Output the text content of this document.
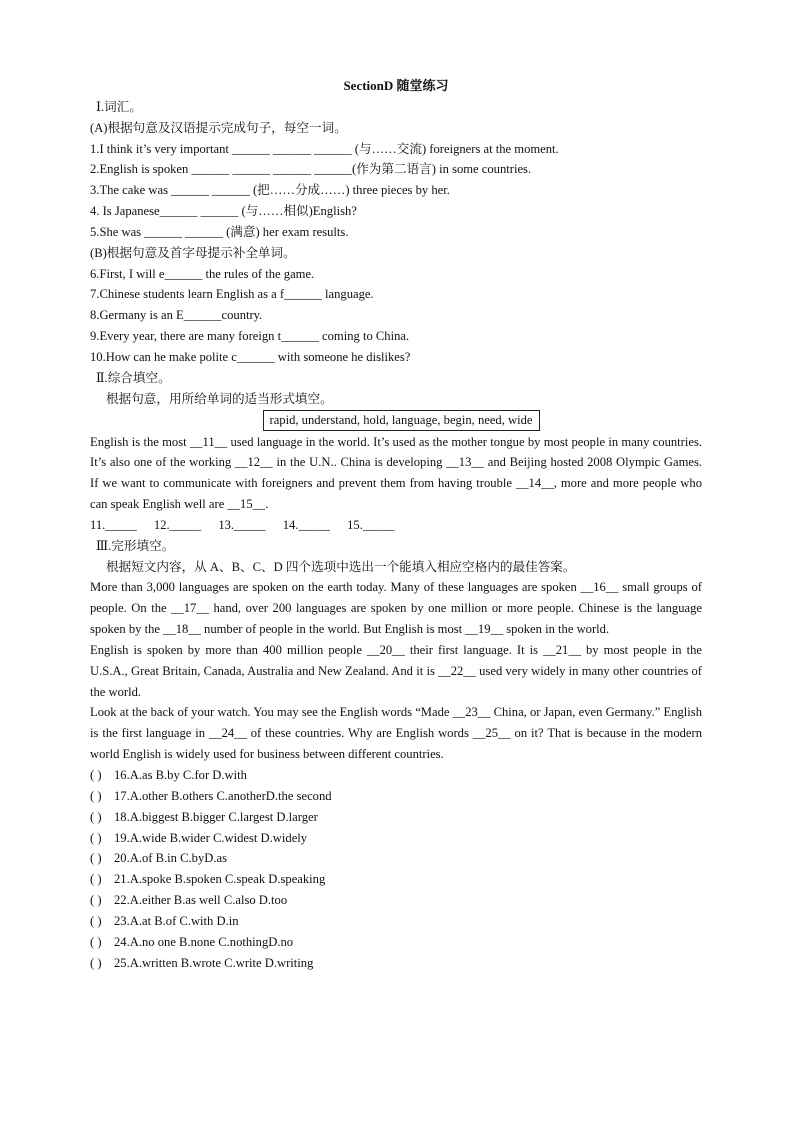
SectionD 随堂练习
Ⅰ.词汇。
(A)根据句意及汉语提示完成句子，每空一词。
1.I think it’s very important ______ ______ ______ (与……交流) foreigners at the moment.
2.English is spoken ______ ______ ______ ______(作为第二语言) in some countries.
3.The cake was ______ ______ (把……分成……) three pieces by her.
4. Is Japanese______ ______ (与……相似)English?
5.She was ______ ______ (满意) her exam results.
(B)根据句意及首字母提示补全单词。
6.First, I will e______ the rules of the game.
7.Chinese students learn English as a f______ language.
8.Germany is an E______country.
9.Every year, there are many foreign t______ coming to China.
10.How can he make polite c______ with someone he dislikes?
Ⅱ.综合填空。
根据句意，用所给单词的适当形式填空。
rapid, understand, hold, language, begin, need, wide
English is the most __11__ used language in the world. It’s used as the mother tongue by most people in many countries. It’s also one of the working __12__ in the U.N.. China is developing __13__ and Beijing hosted 2008 Olympic Games. If we want to communicate with foreigners and prevent them from having trouble __14__, more and more people who can speak English well are __15__.
11._____ 12._____ 13._____ 14._____ 15._____
Ⅲ.完形填空。
根据短文内容，从 A、B、C、D 四个选项中选出一个能填入相应空格内的最佳答案。
More than 3,000 languages are spoken on the earth today. Many of these languages are spoken __16__ small groups of people. On the __17__ hand, over 200 languages are spoken by one million or more people. Chinese is the language spoken by the __18__ number of people in the world. But English is most __19__ spoken in the world.
English is spoken by more than 400 million people __20__ their first language. It is __21__ by most people in the U.S.A., Great Britain, Canada, Australia and New Zealand. And it is __22__ used very widely in many other countries of the world.
Look at the back of your watch. You may see the English words “Made __23__ China, or Japan, even Germany.” English is the first language in __24__ of these countries. Why are English words __25__ on it? That is because in the modern world English is widely used for business between different countries.
( ) 16.A.as B.by C.for D.with
( ) 17.A.other B.others C.anotherD.the second
( ) 18.A.biggest B.bigger C.largest D.larger
( ) 19.A.wide B.wider C.widest D.widely
( ) 20.A.of B.in C.byD.as
( ) 21.A.spoke B.spoken C.speak D.speaking
( ) 22.A.either B.as well C.also D.too
( ) 23.A.at B.of C.with D.in
( ) 24.A.no one B.none C.nothingD.no
( ) 25.A.written B.wrote C.write D.writing
